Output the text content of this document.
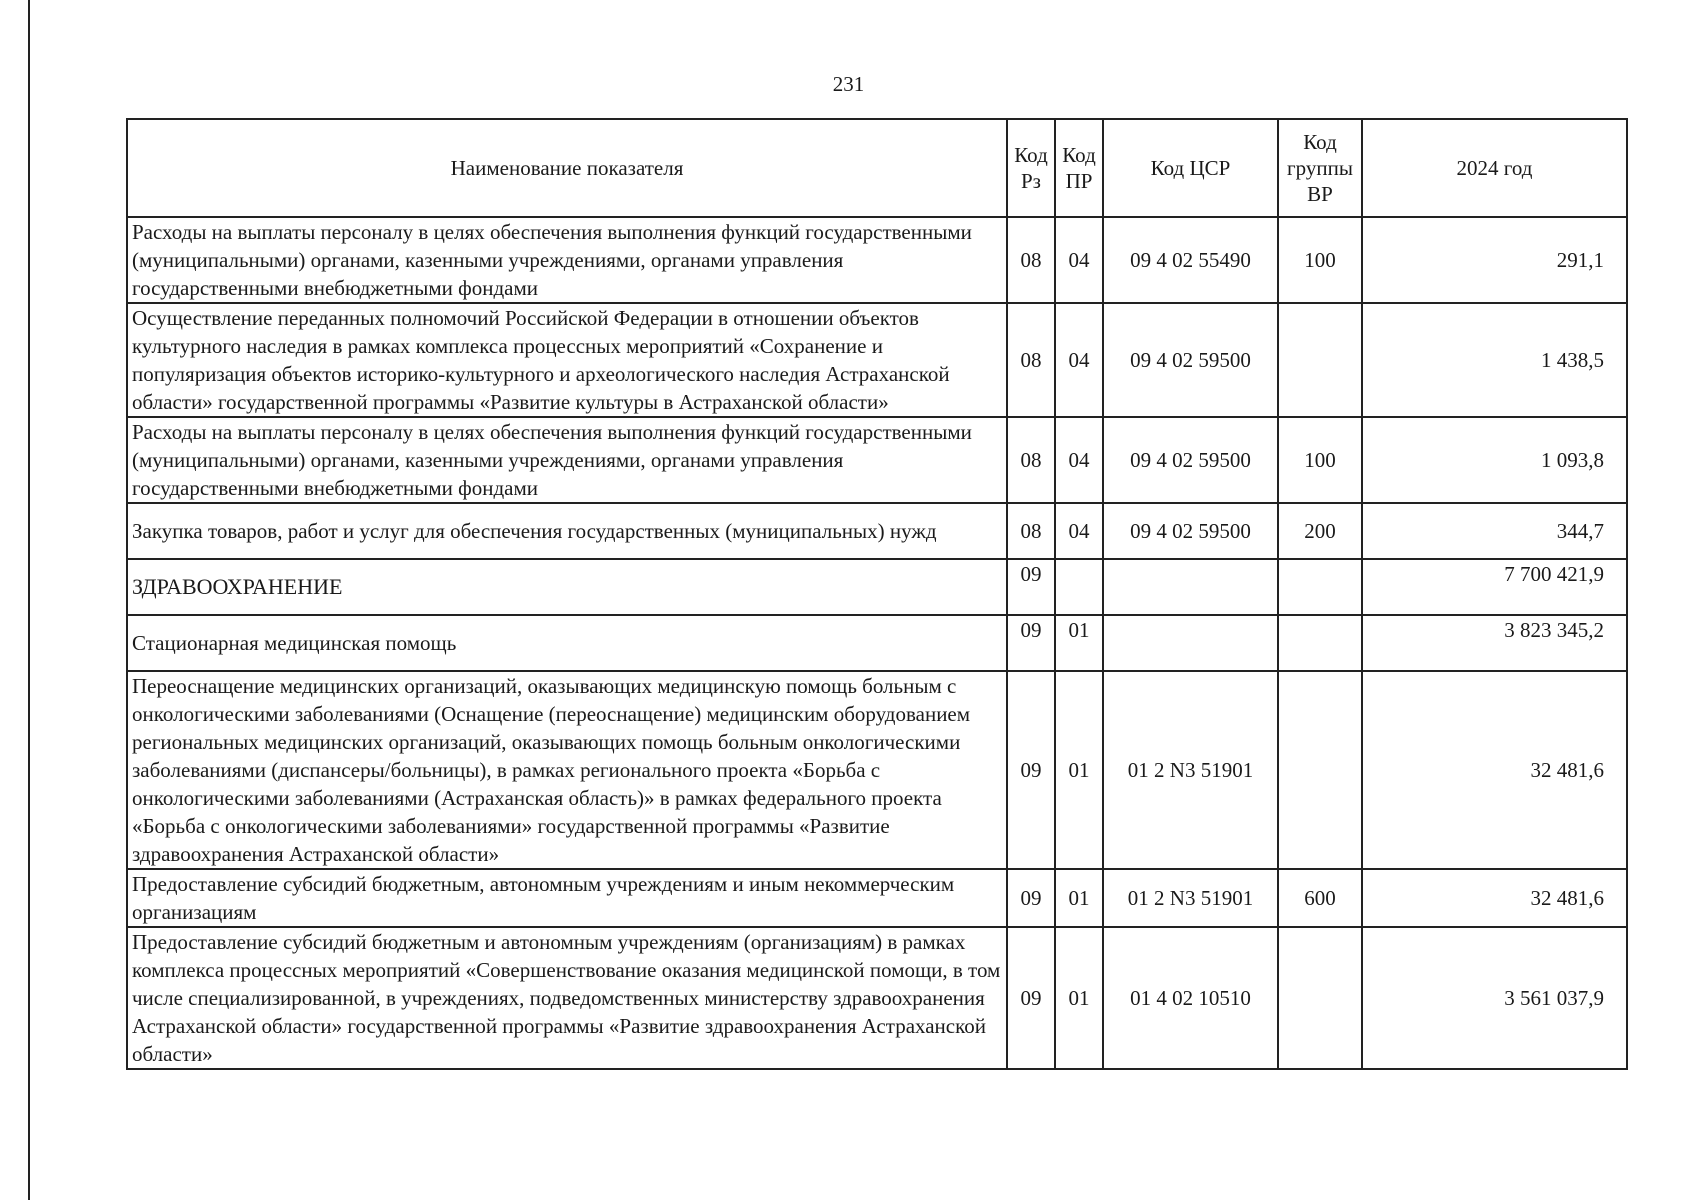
231
Наименование показателя	Код Рз	Код ПР	Код ЦСР	Код группы ВР	2024 год
Расходы на выплаты персоналу в целях обеспечения выполнения функций государственными (муниципальными) органами, казенными учреждениями, органами управления государственными внебюджетными фондами	08	04	09 4 02 55490	100	291,1
Осуществление переданных полномочий Российской Федерации в отношении объектов культурного наследия в рамках комплекса процессных мероприятий «Сохранение и популяризация объектов историко-культурного и археологического наследия Астраханской области» государственной программы «Развитие культуры в Астраханской области»	08	04	09 4 02 59500		1 438,5
Расходы на выплаты персоналу в целях обеспечения выполнения функций государственными (муниципальными) органами, казенными учреждениями, органами управления государственными внебюджетными фондами	08	04	09 4 02 59500	100	1 093,8
Закупка товаров, работ и услуг для обеспечения государственных (муниципальных) нужд	08	04	09 4 02 59500	200	344,7
ЗДРАВООХРАНЕНИЕ	09				7 700 421,9
Стационарная медицинская помощь	09	01			3 823 345,2
Переоснащение медицинских организаций, оказывающих медицинскую помощь больным с онкологическими заболеваниями (Оснащение (переоснащение) медицинским оборудованием региональных медицинских организаций, оказывающих помощь больным онкологическими заболеваниями (диспансеры/больницы), в рамках регионального проекта «Борьба с онкологическими заболеваниями (Астраханская область)» в рамках федерального проекта «Борьба с онкологическими заболеваниями» государственной программы «Развитие здравоохранения Астраханской области»	09	01	01 2 N3 51901		32 481,6
Предоставление субсидий бюджетным, автономным учреждениям и иным некоммерческим организациям	09	01	01 2 N3 51901	600	32 481,6
Предоставление субсидий бюджетным и автономным учреждениям (организациям) в рамках комплекса процессных мероприятий «Совершенствование оказания медицинской помощи, в том числе специализированной, в учреждениях, подведомственных министерству здравоохранения Астраханской области» государственной программы «Развитие здравоохранения Астраханской области»	09	01	01 4 02 10510		3 561 037,9
